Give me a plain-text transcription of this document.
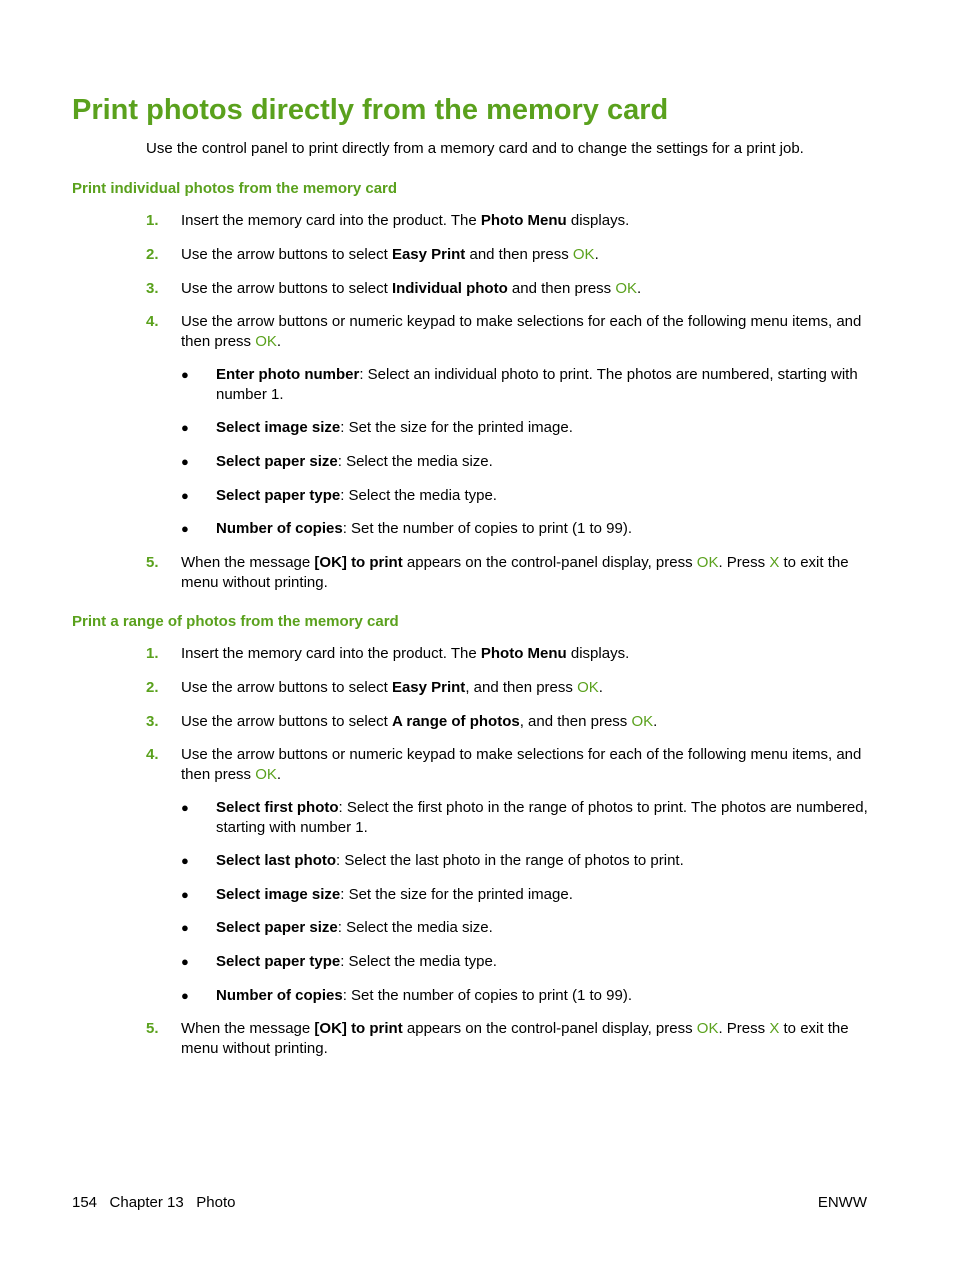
Print photos directly from the memory card
Use the control panel to print directly from a memory card and to change the settings for a print job.
Print individual photos from the memory card
1. Insert the memory card into the product. The Photo Menu displays.
2. Use the arrow buttons to select Easy Print and then press OK.
3. Use the arrow buttons to select Individual photo and then press OK.
4. Use the arrow buttons or numeric keypad to make selections for each of the following menu items, and then press OK.
● Enter photo number: Select an individual photo to print. The photos are numbered, starting with number 1.
● Select image size: Set the size for the printed image.
● Select paper size: Select the media size.
● Select paper type: Select the media type.
● Number of copies: Set the number of copies to print (1 to 99).
5. When the message [OK] to print appears on the control-panel display, press OK. Press X to exit the menu without printing.
Print a range of photos from the memory card
1. Insert the memory card into the product. The Photo Menu displays.
2. Use the arrow buttons to select Easy Print, and then press OK.
3. Use the arrow buttons to select A range of photos, and then press OK.
4. Use the arrow buttons or numeric keypad to make selections for each of the following menu items, and then press OK.
● Select first photo: Select the first photo in the range of photos to print. The photos are numbered, starting with number 1.
● Select last photo: Select the last photo in the range of photos to print.
● Select image size: Set the size for the printed image.
● Select paper size: Select the media size.
● Select paper type: Select the media type.
● Number of copies: Set the number of copies to print (1 to 99).
5. When the message [OK] to print appears on the control-panel display, press OK. Press X to exit the menu without printing.
154   Chapter 13   Photo	ENWW
